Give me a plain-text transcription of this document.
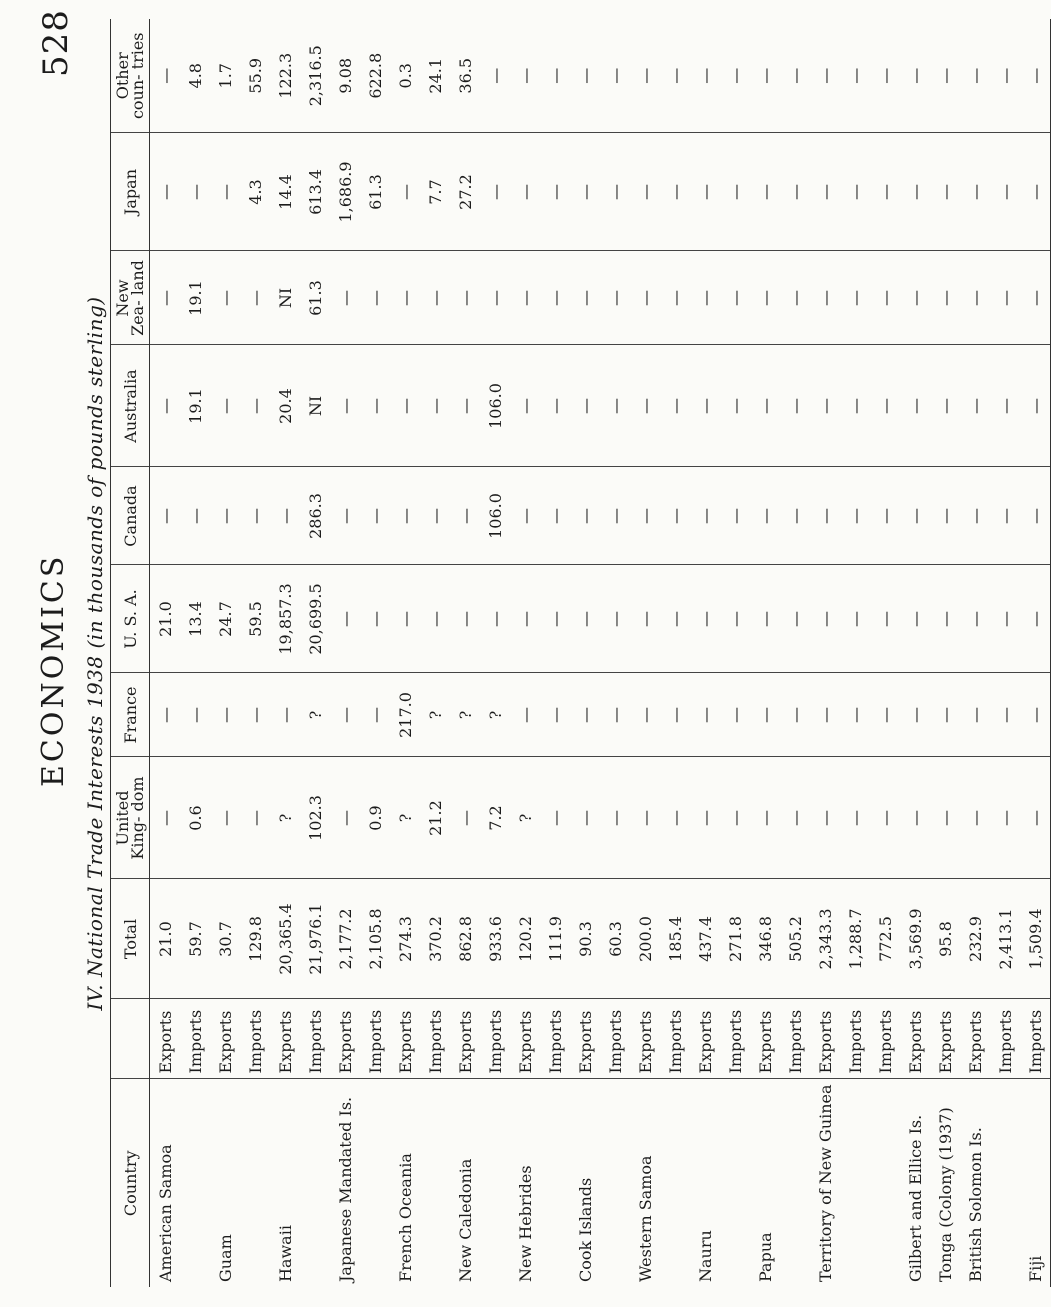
528
ECONOMICS IV. National Trade Interests 1938 (in thousands of pounds sterling)
Country		Total	United
King- dom	France	U. S. A.	Canada	Australia	New
Zea- land	Japan	Other
coun- tries

American Samoa	Exports	21.0	—	—	21.0	—	—	—	—	—
	Imports	59.7	0.6	—	13.4	—	19.1	19.1	—	4.8
Guam	Exports	30.7	—	—	24.7	—	—	—	—	1.7
	Imports	129.8	—	—	59.5	—	—	—	4.3	55.9
Hawaii	Exports	20,365.4	?	—	19,857.3	—	20.4	NI	14.4	122.3
	Imports	21,976.1	102.3	?	20,699.5	286.3	NI	61.3	613.4	2,316.5
Japanese Mandated Is.	Exports	2,177.2	—	—	—	—	—	—	1,686.9	9.08
	Imports	2,105.8	0.9	—	—	—	—	—	61.3	622.8
French Oceania	Exports	274.3	?	217.0	—	—	—	—	—	0.3
	Imports	370.2	21.2	?	—	—	—	—	7.7	24.1
New Caledonia	Exports	862.8	—	?	—	—	—	—	27.2	36.5
	Imports	933.6	7.2	?	—	106.0	106.0	—	—	—
New Hebrides	Exports	120.2	?	—	—	—	—	—	—	—
	Imports	111.9	—	—	—	—	—	—	—	—
Cook Islands	Exports	90.3	—	—	—	—	—	—	—	—
	Imports	60.3	—	—	—	—	—	—	—	—
Western Samoa	Exports	200.0	—	—	—	—	—	—	—	—
	Imports	185.4	—	—	—	—	—	—	—	—
Nauru	Exports	437.4	—	—	—	—	—	—	—	—
	Imports	271.8	—	—	—	—	—	—	—	—
Papua	Exports	346.8	—	—	—	—	—	—	—	—
	Imports	505.2	—	—	—	—	—	—	—	—
Territory of New Guinea	Exports	2,343.3	—	—	—	—	—	—	—	—
	Imports	1,288.7	—	—	—	—	—	—	—	—
	Imports	772.5	—	—	—	—	—	—	—	—
Gilbert and Ellice Is.	Exports	3,569.9	—	—	—	—	—	—	—	—
Tonga (Colony (1937)	Exports	95.8	—	—	—	—	—	—	—	—
British Solomon Is.	Exports	232.9	—	—	—	—	—	—	—	—
	Imports	2,413.1	—	—	—	—	—	—	—	—
Fiji	Imports	1,509.4	—	—	—	—	—	—	—	—
